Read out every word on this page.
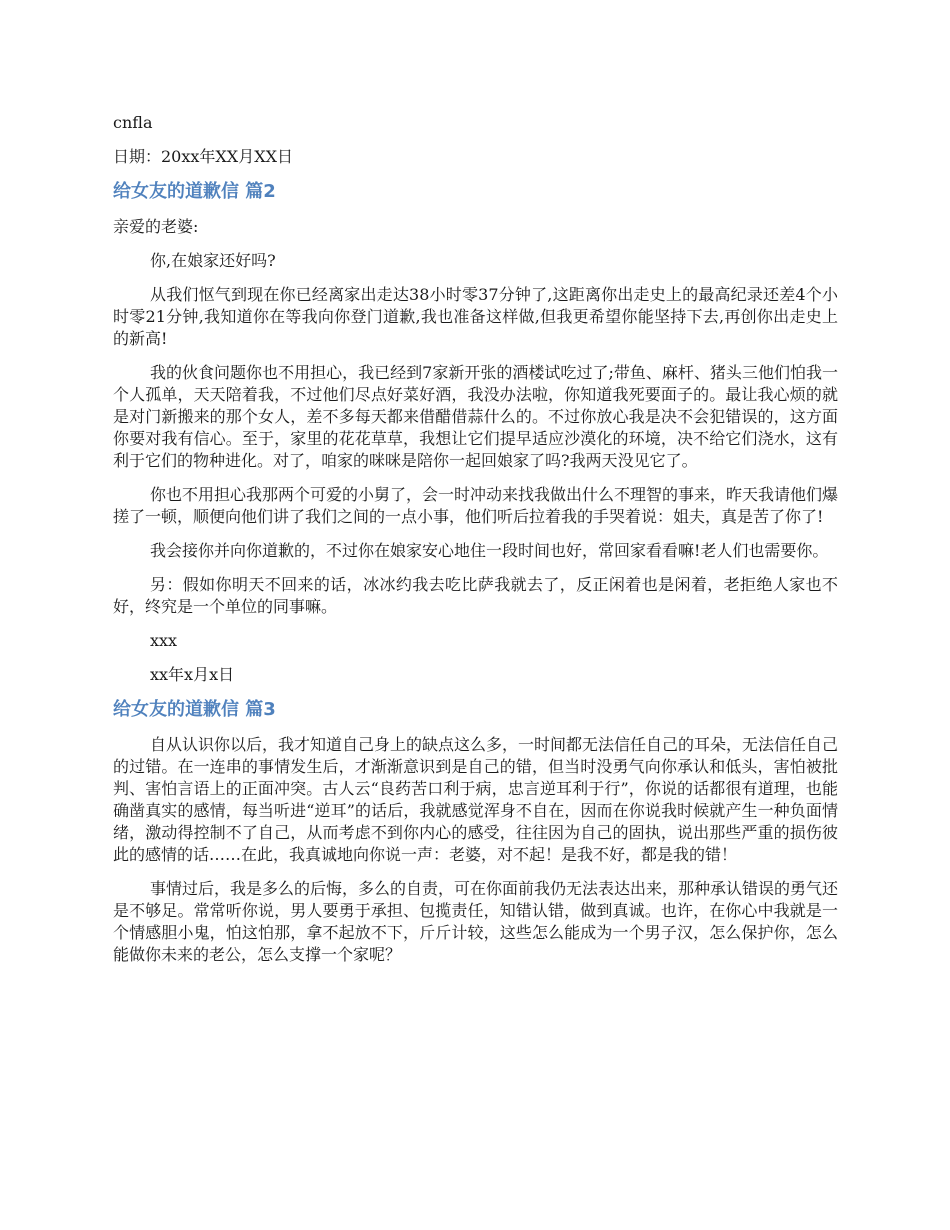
cnfla

日期：20xx年XX月XX日

给女友的道歉信 篇2

亲爱的老婆:

你,在娘家还好吗?

从我们怄气到现在你已经离家出走达38小时零37分钟了,这距离你出走史上的最高纪录还差4个小时零21分钟,我知道你在等我向你登门道歉,我也准备这样做,但我更希望你能坚持下去,再创你出走史上的新高!

我的伙食问题你也不用担心，我已经到7家新开张的酒楼试吃过了;带鱼、麻杆、猪头三他们怕我一个人孤单，天天陪着我，不过他们尽点好菜好酒，我没办法啦，你知道我死要面子的。最让我心烦的就是对门新搬来的那个女人，差不多每天都来借醋借蒜什么的。不过你放心我是决不会犯错误的，这方面你要对我有信心。至于，家里的花花草草，我想让它们提早适应沙漠化的环境，决不给它们浇水，这有利于它们的物种进化。对了，咱家的咪咪是陪你一起回娘家了吗?我两天没见它了。

你也不用担心我那两个可爱的小舅了，会一时冲动来找我做出什么不理智的事来，昨天我请他们爆搓了一顿，顺便向他们讲了我们之间的一点小事，他们听后拉着我的手哭着说：姐夫，真是苦了你了!

我会接你并向你道歉的，不过你在娘家安心地住一段时间也好，常回家看看嘛!老人们也需要你。

另：假如你明天不回来的话，冰冰约我去吃比萨我就去了，反正闲着也是闲着，老拒绝人家也不好，终究是一个单位的同事嘛。

xxx

xx年x月x日

给女友的道歉信 篇3

自从认识你以后，我才知道自己身上的缺点这么多，一时间都无法信任自己的耳朵，无法信任自己的过错。在一连串的事情发生后，才渐渐意识到是自己的错，但当时没勇气向你承认和低头，害怕被批判、害怕言语上的正面冲突。古人云“良药苦口利于病，忠言逆耳利于行”，你说的话都很有道理，也能确凿真实的感情，每当听进“逆耳”的话后，我就感觉浑身不自在，因而在你说我时候就产生一种负面情绪，激动得控制不了自己，从而考虑不到你内心的感受，往往因为自己的固执，说出那些严重的损伤彼此的感情的话……在此，我真诚地向你说一声：老婆，对不起！是我不好，都是我的错！

事情过后，我是多么的后悔，多么的自责，可在你面前我仍无法表达出来，那种承认错误的勇气还是不够足。常常听你说，男人要勇于承担、包揽责任，知错认错，做到真诚。也许，在你心中我就是一个情感胆小鬼，怕这怕那，拿不起放不下，斤斤计较，这些怎么能成为一个男子汉，怎么保护你，怎么能做你未来的老公，怎么支撑一个家呢？
